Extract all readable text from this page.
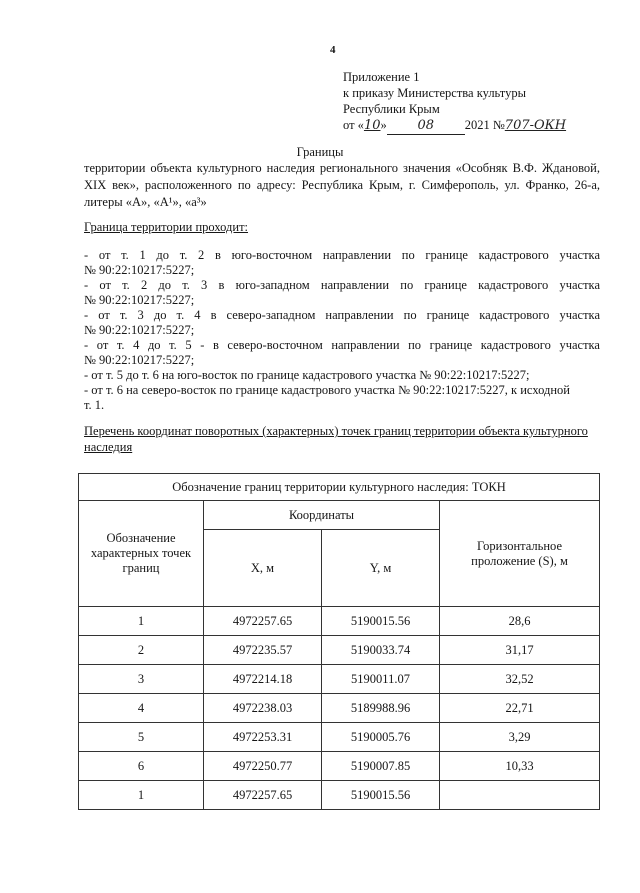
4
Приложение 1
к приказу Министерства культуры
Республики Крым
от «10» 08 2021 №707-ОКН
Границы
территории объекта культурного наследия регионального значения «Особняк В.Ф. Ждановой, XIX век», расположенного по адресу: Республика Крым, г. Симферополь, ул. Франко, 26-а, литеры «А», «А¹», «а³»
Граница территории проходит:
- от т. 1 до т. 2 в юго-восточном направлении по границе кадастрового участка
№ 90:22:10217:5227;
- от т. 2 до т. 3 в юго-западном направлении по границе кадастрового участка
№ 90:22:10217:5227;
- от т. 3 до т. 4 в северо-западном направлении по границе кадастрового участка
№ 90:22:10217:5227;
- от т. 4 до т. 5 - в северо-восточном направлении по границе кадастрового участка
№ 90:22:10217:5227;
- от т. 5 до т. 6 на юго-восток по границе кадастрового участка № 90:22:10217:5227;
- от т. 6 на северо-восток по границе кадастрового участка № 90:22:10217:5227, к исходной
т. 1.
Перечень координат поворотных (характерных) точек границ территории объекта культурного наследия
Обозначение границ территории культурного наследия: ТОКН			
Обозначение характерных точек границ	Координаты		Горизонтальное проложение (S), м
	X, м	Y, м	
1	4972257.65	5190015.56	28,6
2	4972235.57	5190033.74	31,17
3	4972214.18	5190011.07	32,52
4	4972238.03	5189988.96	22,71
5	4972253.31	5190005.76	3,29
6	4972250.77	5190007.85	10,33
1	4972257.65	5190015.56	
